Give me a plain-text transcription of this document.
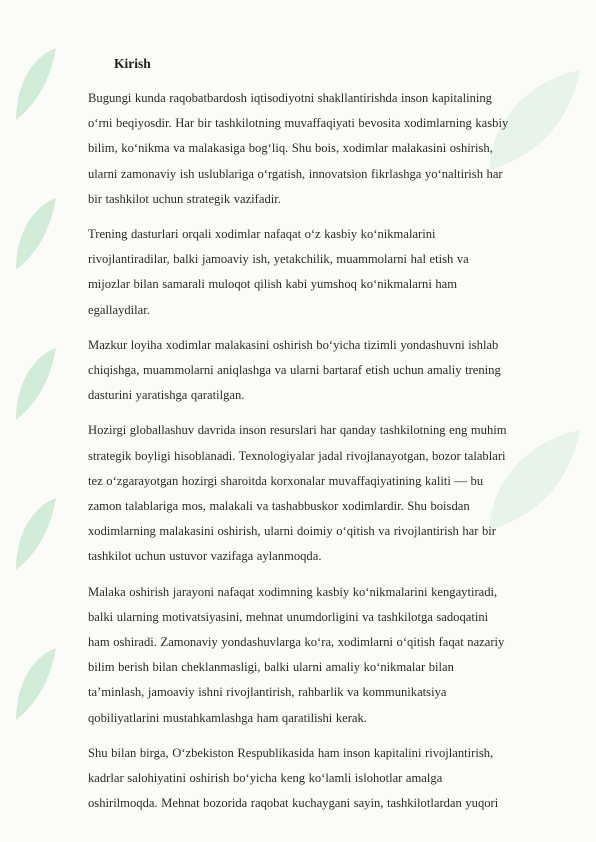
Kirish
Bugungi kunda raqobatbardosh iqtisodiyotni shakllantirishda inson kapitalining
o‘rni beqiyosdir. Har bir tashkilotning muvaffaqiyati bevosita xodimlarning kasbiy
bilim, ko‘nikma va malakasiga bog‘liq. Shu bois, xodimlar malakasini oshirish,
ularni zamonaviy ish uslublariga o‘rgatish, innovatsion fikrlashga yo‘naltirish har
bir tashkilot uchun strategik vazifadir.
Trening dasturlari orqali xodimlar nafaqat o‘z kasbiy ko‘nikmalarini
rivojlantiradilar, balki jamoaviy ish, yetakchilik, muammolarni hal etish va
mijozlar bilan samarali muloqot qilish kabi yumshoq ko‘nikmalarni ham
egallaydilar.
Mazkur loyiha xodimlar malakasini oshirish bo‘yicha tizimli yondashuvni ishlab
chiqishga, muammolarni aniqlashga va ularni bartaraf etish uchun amaliy trening
dasturini yaratishga qaratilgan.
Hozirgi globallashuv davrida inson resurslari har qanday tashkilotning eng muhim
strategik boyligi hisoblanadi. Texnologiyalar jadal rivojlanayotgan, bozor talablari
tez o‘zgarayotgan hozirgi sharoitda korxonalar muvaffaqiyatining kaliti — bu
zamon talablariga mos, malakali va tashabbuskor xodimlardir. Shu boisdan
xodimlarning malakasini oshirish, ularni doimiy o‘qitish va rivojlantirish har bir
tashkilot uchun ustuvor vazifaga aylanmoqda.
Malaka oshirish jarayoni nafaqat xodimning kasbiy ko‘nikmalarini kengaytiradi,
balki ularning motivatsiyasini, mehnat unumdorligini va tashkilotga sadoqatini
ham oshiradi. Zamonaviy yondashuvlarga ko‘ra, xodimlarni o‘qitish faqat nazariy
bilim berish bilan cheklanmasligi, balki ularni amaliy ko‘nikmalar bilan
ta’minlash, jamoaviy ishni rivojlantirish, rahbarlik va kommunikatsiya
qobiliyatlarini mustahkamlashga ham qaratilishi kerak.
Shu bilan birga, O‘zbekiston Respublikasida ham inson kapitalini rivojlantirish,
kadrlar salohiyatini oshirish bo‘yicha keng ko‘lamli islohotlar amalga
oshirilmoqda. Mehnat bozorida raqobat kuchaygani sayin, tashkilotlardan yuqori
